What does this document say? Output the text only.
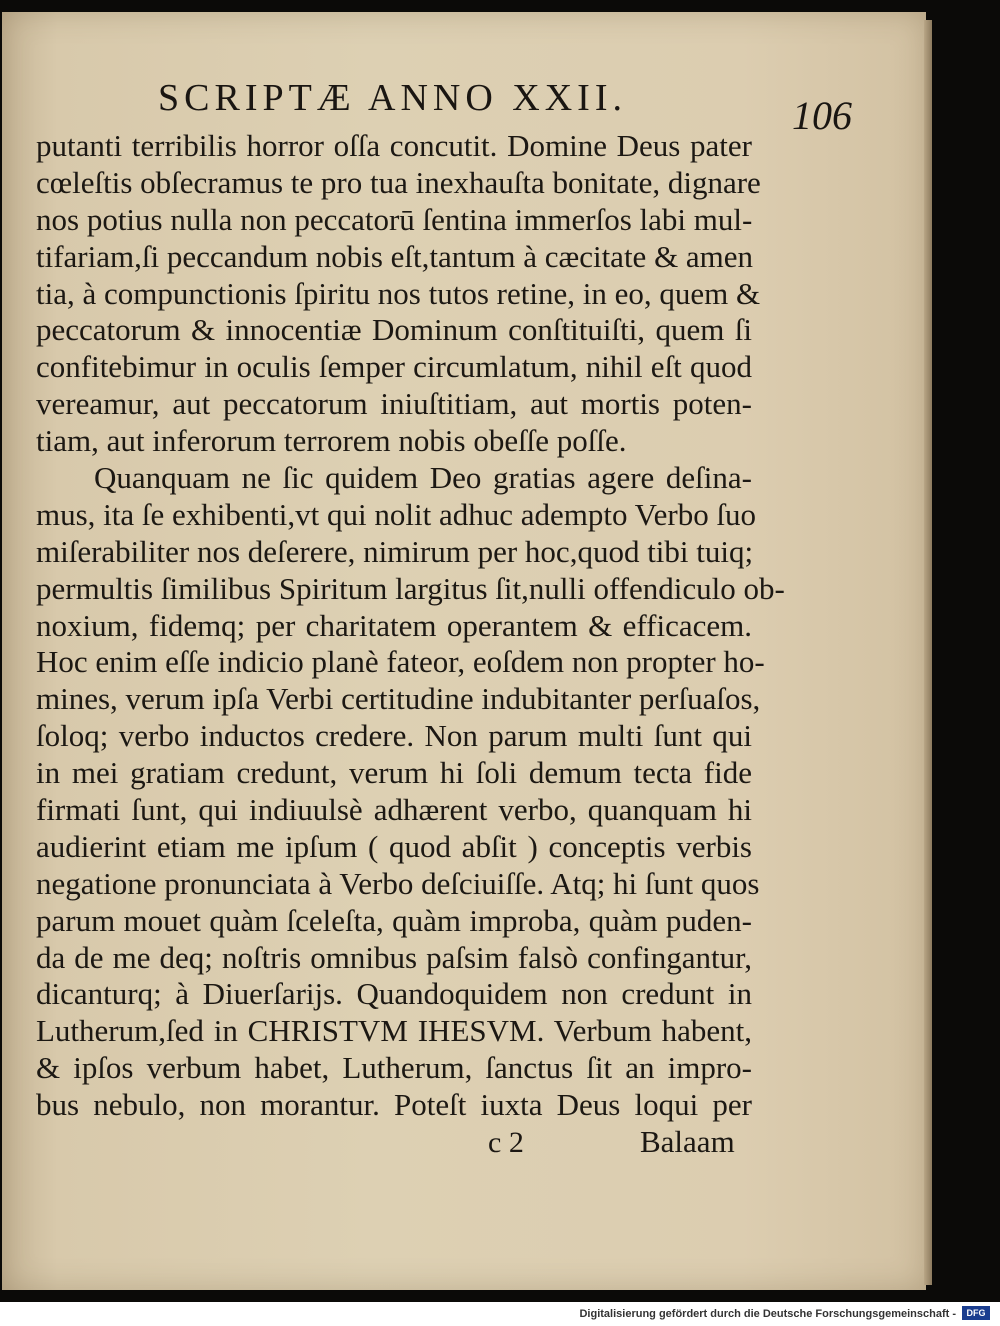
SCRIPTÆ ANNO XXII.	106
putanti terribilis horror oſſa concutit. Domine Deus pater
cœleſtis obſecramus te pro tua inexhauſta bonitate, dignare
nos potius nulla non peccatorū ſentina immerſos labi mul-
tifariam,ſi peccandum nobis eſt,tantum à cæcitate & amen
tia, à compunctionis ſpiritu nos tutos retine, in eo, quem &
peccatorum & innocentiæ Dominum conſtituiſti, quem ſi
confitebimur in oculis ſemper circumlatum, nihil eſt quod
vereamur, aut peccatorum iniuſtitiam, aut mortis poten-
tiam, aut inferorum terrorem nobis obeſſe poſſe.
Quanquam ne ſic quidem Deo gratias agere deſina-
mus, ita ſe exhibenti,vt qui nolit adhuc adempto Verbo ſuo
miſerabiliter nos deſerere, nimirum per hoc,quod tibi tuiq;
permultis ſimilibus Spiritum largitus ſit,nulli offendiculo ob-
noxium, fidemq; per charitatem operantem & efficacem.
Hoc enim eſſe indicio planè fateor, eoſdem non propter ho-
mines, verum ipſa Verbi certitudine indubitanter perſuaſos,
ſoloq; verbo inductos credere. Non parum multi ſunt qui
in mei gratiam credunt, verum hi ſoli demum tecta fide
firmati ſunt, qui indiuulsè adhærent verbo, quanquam hi
audierint etiam me ipſum ( quod abſit ) conceptis verbis
negatione pronunciata à Verbo deſciuiſſe. Atq; hi ſunt quos
parum mouet quàm ſceleſta, quàm improba, quàm puden-
da de me deq; noſtris omnibus paſsim falsò confingantur,
dicanturq; à Diuerſarijs. Quandoquidem non credunt in
Lutherum,ſed in CHRISTVM IHESVM. Verbum habent,
& ipſos verbum habet, Lutherum, ſanctus ſit an impro-
bus nebulo, non morantur. Poteſt iuxta Deus loqui per
c 2	Balaam
Digitalisierung gefördert durch die Deutsche Forschungsgemeinschaft -	DFG
